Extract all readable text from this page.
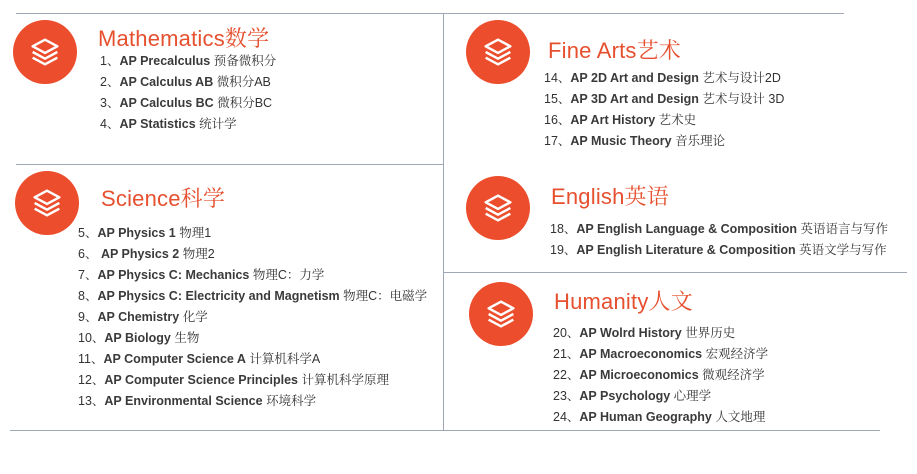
Mathematics数学
1、AP Precalculus 预备微积分
2、AP Calculus AB 微积分AB
3、AP Calculus BC 微积分BC
4、AP Statistics 统计学
Science科学
5、AP Physics 1 物理1
6、 AP Physics 2 物理2
7、AP Physics C: Mechanics 物理C：力学
8、AP Physics C: Electricity and Magnetism 物理C：电磁学
9、AP Chemistry 化学
10、AP Biology 生物
11、AP Computer Science A 计算机科学A
12、AP Computer Science Principles 计算机科学原理
13、AP Environmental Science 环境科学
Fine Arts艺术
14、AP 2D Art and Design 艺术与设计2D
15、AP 3D Art and Design 艺术与设计 3D
16、AP Art History 艺术史
17、AP Music Theory 音乐理论
English英语
18、AP English Language & Composition 英语语言与写作
19、AP English Literature & Composition 英语文学与写作
Humanity人文
20、AP Wolrd History 世界历史
21、AP Macroeconomics 宏观经济学
22、AP Microeconomics 微观经济学
23、AP Psychology 心理学
24、AP Human Geography 人文地理
